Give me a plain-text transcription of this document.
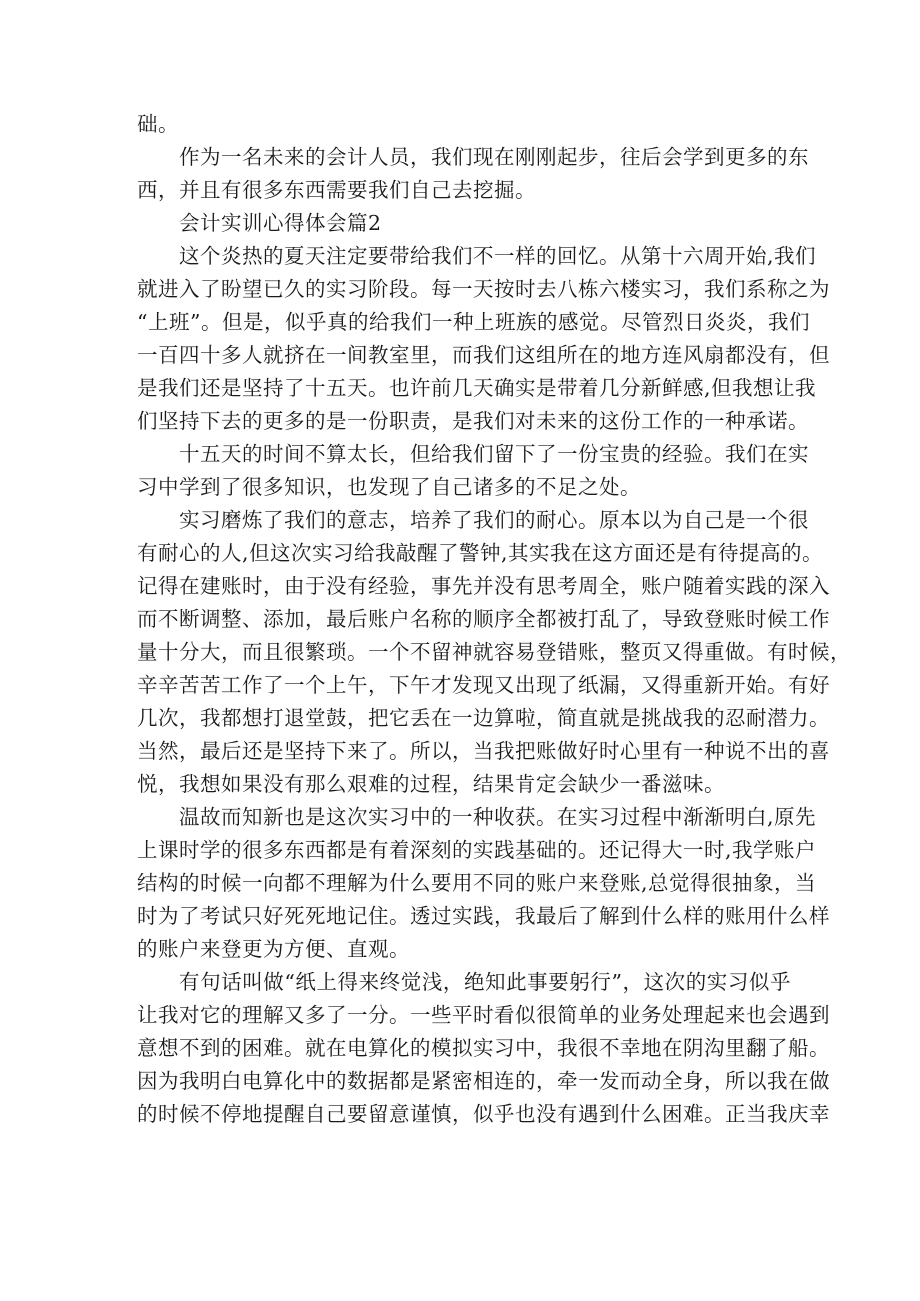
础。
作为一名未来的会计人员，我们现在刚刚起步，往后会学到更多的东
西，并且有很多东西需要我们自己去挖掘。
会计实训心得体会篇2
这个炎热的夏天注定要带给我们不一样的回忆。从第十六周开始,我们
就进入了盼望已久的实习阶段。每一天按时去八栋六楼实习，我们系称之为
“上班”。但是，似乎真的给我们一种上班族的感觉。尽管烈日炎炎，我们
一百四十多人就挤在一间教室里，而我们这组所在的地方连风扇都没有，但
是我们还是坚持了十五天。也许前几天确实是带着几分新鲜感,但我想让我
们坚持下去的更多的是一份职责，是我们对未来的这份工作的一种承诺。
十五天的时间不算太长，但给我们留下了一份宝贵的经验。我们在实
习中学到了很多知识，也发现了自己诸多的不足之处。
实习磨炼了我们的意志，培养了我们的耐心。原本以为自己是一个很
有耐心的人,但这次实习给我敲醒了警钟,其实我在这方面还是有待提高的。
记得在建账时，由于没有经验，事先并没有思考周全，账户随着实践的深入
而不断调整、添加，最后账户名称的顺序全都被打乱了，导致登账时候工作
量十分大，而且很繁琐。一个不留神就容易登错账，整页又得重做。有时候，
辛辛苦苦工作了一个上午，下午才发现又出现了纸漏，又得重新开始。有好
几次，我都想打退堂鼓，把它丢在一边算啦，简直就是挑战我的忍耐潜力。
当然，最后还是坚持下来了。所以，当我把账做好时心里有一种说不出的喜
悦，我想如果没有那么艰难的过程，结果肯定会缺少一番滋味。
温故而知新也是这次实习中的一种收获。在实习过程中渐渐明白,原先
上课时学的很多东西都是有着深刻的实践基础的。还记得大一时,我学账户
结构的时候一向都不理解为什么要用不同的账户来登账,总觉得很抽象，当
时为了考试只好死死地记住。透过实践，我最后了解到什么样的账用什么样
的账户来登更为方便、直观。
有句话叫做“纸上得来终觉浅，绝知此事要躬行”，这次的实习似乎
让我对它的理解又多了一分。一些平时看似很简单的业务处理起来也会遇到
意想不到的困难。就在电算化的模拟实习中，我很不幸地在阴沟里翻了船。
因为我明白电算化中的数据都是紧密相连的，牵一发而动全身，所以我在做
的时候不停地提醒自己要留意谨慎，似乎也没有遇到什么困难。正当我庆幸
